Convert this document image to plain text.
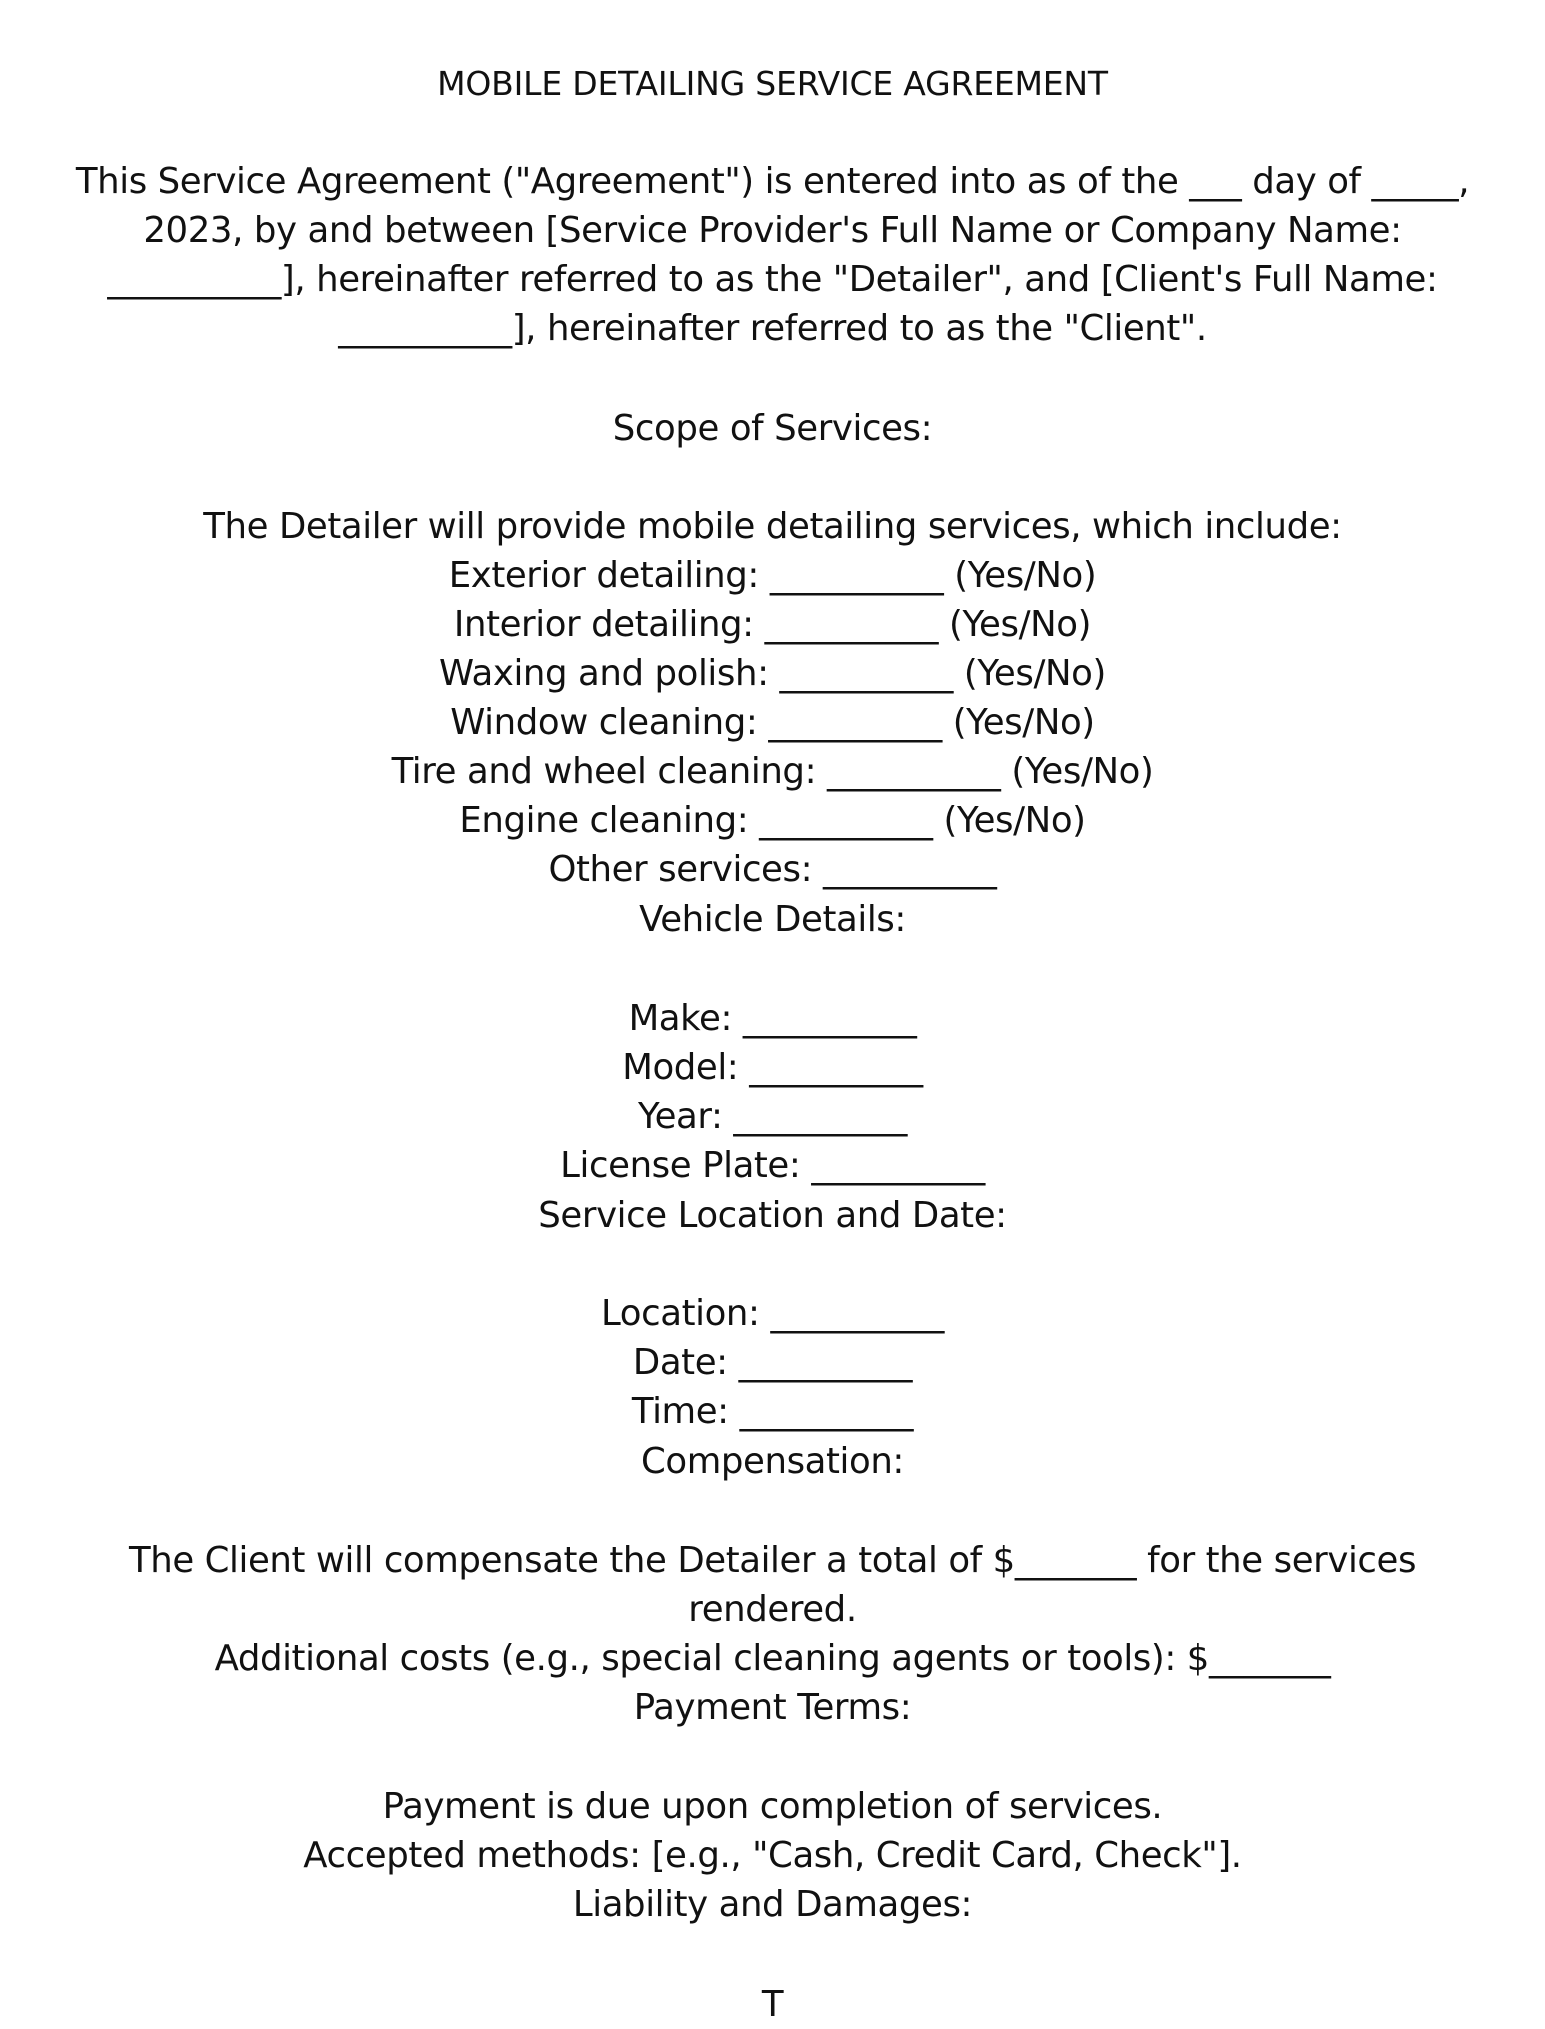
MOBILE DETAILING SERVICE AGREEMENT
This Service Agreement ("Agreement") is entered into as of the ___ day of _____,
2023, by and between [Service Provider's Full Name or Company Name:
__________], hereinafter referred to as the "Detailer", and [Client's Full Name:
__________], hereinafter referred to as the "Client".
Scope of Services:
The Detailer will provide mobile detailing services, which include:
Exterior detailing: __________ (Yes/No)
Interior detailing: __________ (Yes/No)
Waxing and polish: __________ (Yes/No)
Window cleaning: __________ (Yes/No)
Tire and wheel cleaning: __________ (Yes/No)
Engine cleaning: __________ (Yes/No)
Other services: __________
Vehicle Details:
Make: __________
Model: __________
Year: __________
License Plate: __________
Service Location and Date:
Location: __________
Date: __________
Time: __________
Compensation:
The Client will compensate the Detailer a total of $_______ for the services
rendered.
Additional costs (e.g., special cleaning agents or tools): $_______
Payment Terms:
Payment is due upon completion of services.
Accepted methods: [e.g., "Cash, Credit Card, Check"].
Liability and Damages:
T
